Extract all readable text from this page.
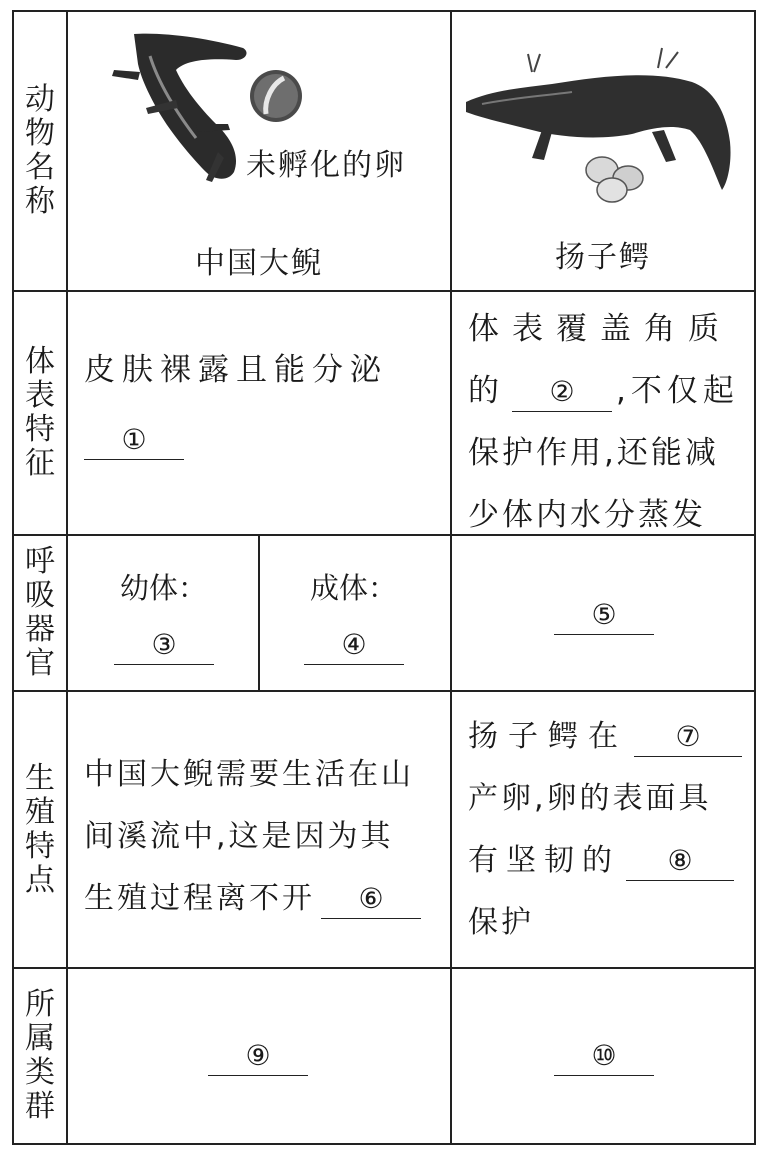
动
物
名
称
体
表
特
征
呼
吸
器
官
生
殖
特
点
所
属
类
群
未孵化的卵
中国大鲵	扬子鳄
皮肤裸露且能分泌
①
体表覆盖角质
的 ② ,不仅起
保护作用,还能减
少体内水分蒸发
幼体：
③
成体：
④
⑤
中国大鲵需要生活在山
间溪流中,这是因为其
生殖过程离不开 ⑥
扬子鳄在 ⑦
产卵,卵的表面具
有坚韧的 ⑧
保护
⑨	⑩
